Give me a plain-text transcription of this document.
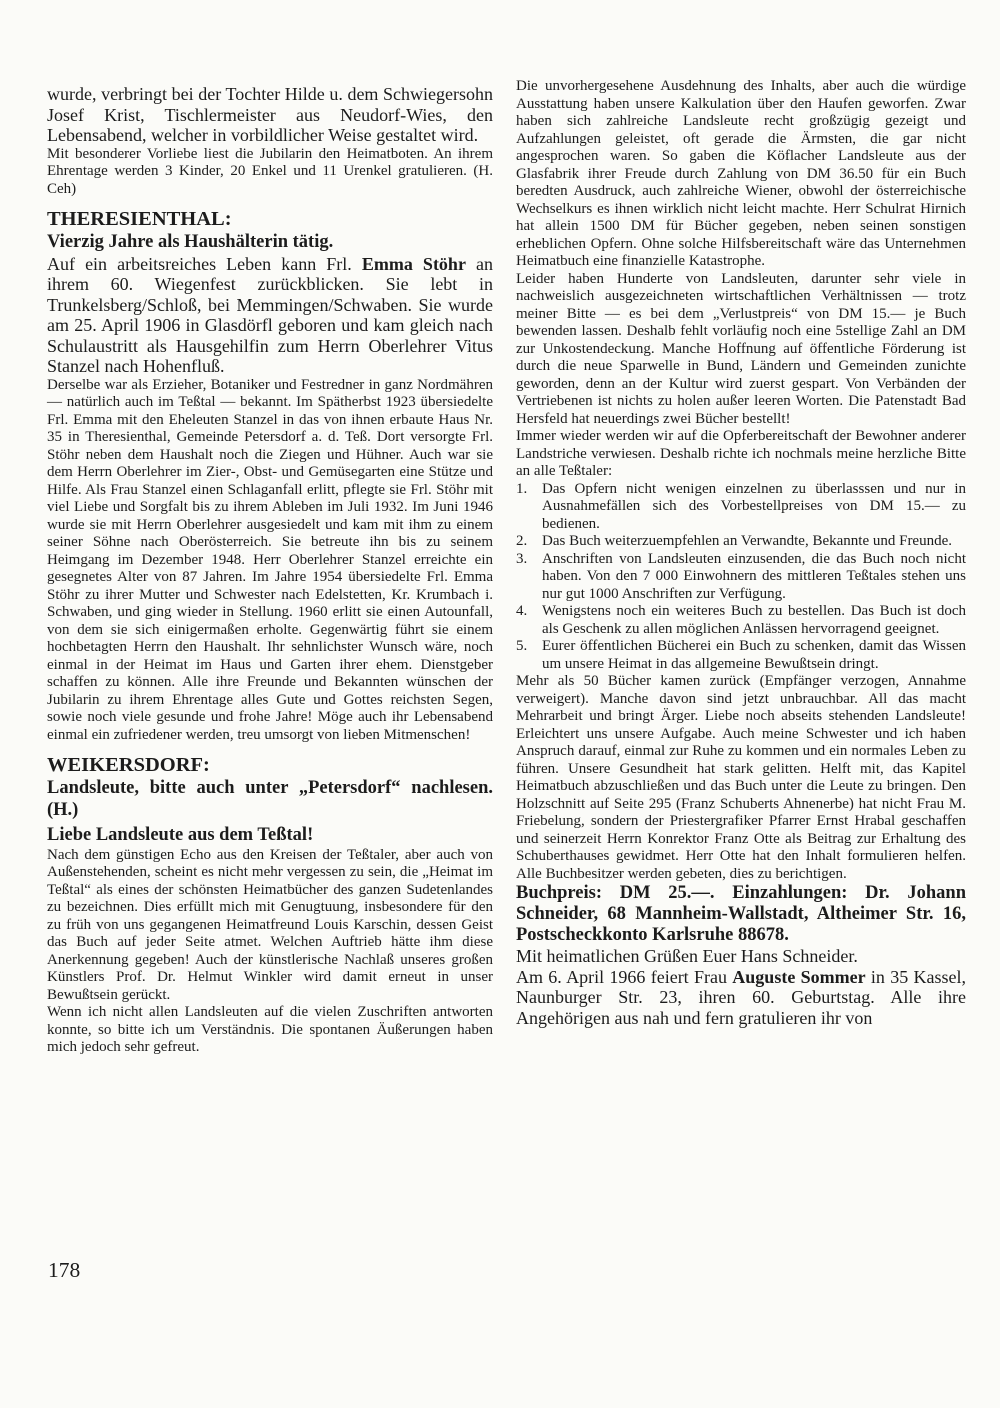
wurde, verbringt bei der Tochter Hilde u. dem Schwiegersohn Josef Krist, Tischlermeister aus Neudorf-Wies, den Lebensabend, welcher in vorbildlicher Weise gestaltet wird.

Mit besonderer Vorliebe liest die Jubilarin den Heimatboten. An ihrem Ehrentage werden 3 Kinder, 20 Enkel und 11 Urenkel gratulieren. (H. Ceh)

THERESIENTHAL:

Vierzig Jahre als Haushälterin tätig.

Auf ein arbeitsreiches Leben kann Frl. Emma Stöhr an ihrem 60. Wiegenfest zurückblicken. Sie lebt in Trunkelsberg/Schloß, bei Memmingen/Schwaben. Sie wurde am 25. April 1906 in Glasdörfl geboren und kam gleich nach Schulaustritt als Hausgehilfin zum Herrn Oberlehrer Vitus Stanzel nach Hohenfluß.

Derselbe war als Erzieher, Botaniker und Festredner in ganz Nordmähren — natürlich auch im Teßtal — bekannt. Im Spätherbst 1923 übersiedelte Frl. Emma mit den Eheleuten Stanzel in das von ihnen erbaute Haus Nr. 35 in Theresienthal, Gemeinde Petersdorf a. d. Teß. Dort versorgte Frl. Stöhr neben dem Haushalt noch die Ziegen und Hühner. Auch war sie dem Herrn Oberlehrer im Zier-, Obst- und Gemüsegarten eine Stütze und Hilfe. Als Frau Stanzel einen Schlaganfall erlitt, pflegte sie Frl. Stöhr mit viel Liebe und Sorgfalt bis zu ihrem Ableben im Juli 1932. Im Juni 1946 wurde sie mit Herrn Oberlehrer ausgesiedelt und kam mit ihm zu einem seiner Söhne nach Oberösterreich. Sie betreute ihn bis zu seinem Heimgang im Dezember 1948. Herr Oberlehrer Stanzel erreichte ein gesegnetes Alter von 87 Jahren. Im Jahre 1954 übersiedelte Frl. Emma Stöhr zu ihrer Mutter und Schwester nach Edelstetten, Kr. Krumbach i. Schwaben, und ging wieder in Stellung. 1960 erlitt sie einen Autounfall, von dem sie sich einigermaßen erholte. Gegenwärtig führt sie einem hochbetagten Herrn den Haushalt. Ihr sehnlichster Wunsch wäre, noch einmal in der Heimat im Haus und Garten ihrer ehem. Dienstgeber schaffen zu können. Alle ihre Freunde und Bekannten wünschen der Jubilarin zu ihrem Ehrentage alles Gute und Gottes reichsten Segen, sowie noch viele gesunde und frohe Jahre! Möge auch ihr Lebensabend einmal ein zufriedener werden, treu umsorgt von lieben Mitmenschen!

WEIKERSDORF:

Landsleute, bitte auch unter „Petersdorf“ nachlesen. (H.)

Liebe Landsleute aus dem Teßtal!

Nach dem günstigen Echo aus den Kreisen der Teßtaler, aber auch von Außenstehenden, scheint es nicht mehr vergessen zu sein, die „Heimat im Teßtal“ als eines der schönsten Heimatbücher des ganzen Sudetenlandes zu bezeichnen. Dies erfüllt mich mit Genugtuung, insbesondere für den zu früh von uns gegangenen Heimatfreund Louis Karschin, dessen Geist das Buch auf jeder Seite atmet. Welchen Auftrieb hätte ihm diese Anerkennung gegeben! Auch der künstlerische Nachlaß unseres großen Künstlers Prof. Dr. Helmut Winkler wird damit erneut in unser Bewußtsein gerückt.

Wenn ich nicht allen Landsleuten auf die vielen Zuschriften antworten konnte, so bitte ich um Verständnis. Die spontanen Äußerungen haben mich jedoch sehr gefreut.

Die unvorhergesehene Ausdehnung des Inhalts, aber auch die würdige Ausstattung haben unsere Kalkulation über den Haufen geworfen. Zwar haben sich zahlreiche Landsleute recht großzügig gezeigt und Aufzahlungen geleistet, oft gerade die Ärmsten, die gar nicht angesprochen waren. So gaben die Köflacher Landsleute aus der Glasfabrik ihrer Freude durch Zahlung von DM 36.50 für ein Buch beredten Ausdruck, auch zahlreiche Wiener, obwohl der österreichische Wechselkurs es ihnen wirklich nicht leicht machte. Herr Schulrat Hirnich hat allein 1500 DM für Bücher gegeben, neben seinen sonstigen erheblichen Opfern. Ohne solche Hilfsbereitschaft wäre das Unternehmen Heimatbuch eine finanzielle Katastrophe.

Leider haben Hunderte von Landsleuten, darunter sehr viele in nachweislich ausgezeichneten wirtschaftlichen Verhältnissen — trotz meiner Bitte — es bei dem „Verlustpreis“ von DM 15.— je Buch bewenden lassen. Deshalb fehlt vorläufig noch eine 5stellige Zahl an DM zur Unkostendeckung. Manche Hoffnung auf öffentliche Förderung ist durch die neue Sparwelle in Bund, Ländern und Gemeinden zunichte geworden, denn an der Kultur wird zuerst gespart. Von Verbänden der Vertriebenen ist nichts zu holen außer leeren Worten. Die Patenstadt Bad Hersfeld hat neuerdings zwei Bücher bestellt!

Immer wieder werden wir auf die Opferbereitschaft der Bewohner anderer Landstriche verwiesen. Deshalb richte ich nochmals meine herzliche Bitte an alle Teßtaler:

1. Das Opfern nicht wenigen einzelnen zu überlasssen und nur in Ausnahmefällen sich des Vorbestellpreises von DM 15.— zu bedienen.
2. Das Buch weiterzuempfehlen an Verwandte, Bekannte und Freunde.
3. Anschriften von Landsleuten einzusenden, die das Buch noch nicht haben. Von den 7 000 Einwohnern des mittleren Teßtales stehen uns nur gut 1000 Anschriften zur Verfügung.
4. Wenigstens noch ein weiteres Buch zu bestellen. Das Buch ist doch als Geschenk zu allen möglichen Anlässen hervorragend geeignet.
5. Eurer öffentlichen Bücherei ein Buch zu schenken, damit das Wissen um unsere Heimat in das allgemeine Bewußtsein dringt.

Mehr als 50 Bücher kamen zurück (Empfänger verzogen, Annahme verweigert). Manche davon sind jetzt unbrauchbar. All das macht Mehrarbeit und bringt Ärger. Liebe noch abseits stehenden Landsleute! Erleichtert uns unsere Aufgabe. Auch meine Schwester und ich haben Anspruch darauf, einmal zur Ruhe zu kommen und ein normales Leben zu führen. Unsere Gesundheit hat stark gelitten. Helft mit, das Kapitel Heimatbuch abzuschließen und das Buch unter die Leute zu bringen. Den Holzschnitt auf Seite 295 (Franz Schuberts Ahnenerbe) hat nicht Frau M. Friebelung, sondern der Priestergrafiker Pfarrer Ernst Hrabal geschaffen und seinerzeit Herrn Konrektor Franz Otte als Beitrag zur Erhaltung des Schuberthauses gewidmet. Herr Otte hat den Inhalt formulieren helfen. Alle Buchbesitzer werden gebeten, dies zu berichtigen.

Buchpreis: DM 25.—. Einzahlungen: Dr. Johann Schneider, 68 Mannheim-Wallstadt, Altheimer Str. 16, Postscheckkonto Karlsruhe 88678.

Mit heimatlichen Grüßen Euer Hans Schneider.

Am 6. April 1966 feiert Frau Auguste Sommer in 35 Kassel, Naunburger Str. 23, ihren 60. Geburtstag. Alle ihre Angehörigen aus nah und fern gratulieren ihr von

178
